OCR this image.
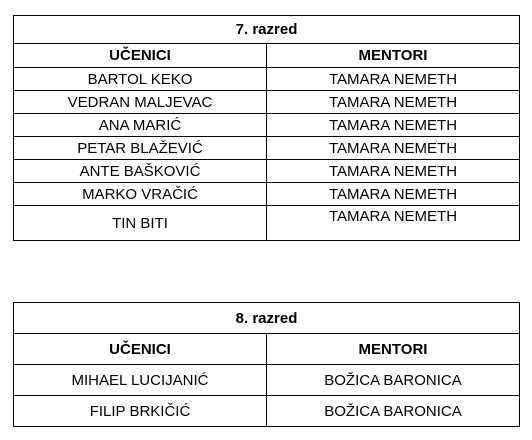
7. razred	
UČENICI	MENTORI
BARTOL KEKO	TAMARA NEMETH
VEDRAN MALJEVAC	TAMARA NEMETH
ANA MARIĆ	TAMARA NEMETH
PETAR BLAŽEVIĆ	TAMARA NEMETH
ANTE BAŠKOVIĆ	TAMARA NEMETH
MARKO VRAČIĆ	TAMARA NEMETH
TIN BITI	TAMARA NEMETH
8. razred	
UČENICI	MENTORI
MIHAEL LUCIJANIĆ	BOŽICA BARONICA
FILIP BRKIČIĆ	BOŽICA BARONICA
